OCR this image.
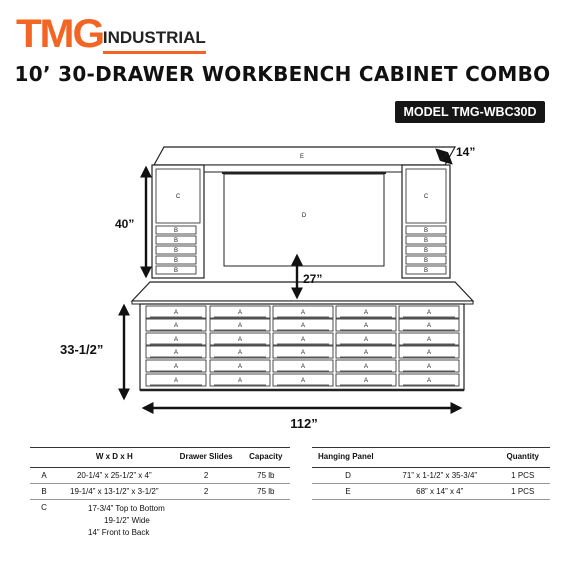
TMG INDUSTRIAL
10’ 30-DRAWER WORKBENCH CABINET COMBO
MODEL TMG-WBC30D
E
C
B
B
B
B
B
C
B
B
B
B
B
D
A
A
A
A
A
A
A
A
A
A
A
A
A
A
A
A
A
A
A
A
A
A
A
A
A
A
A
A
A
A
14”
40”
27”
33-1/2”
112”
	W x D x H	Drawer Slides	Capacity
A	20-1/4” x 25-1/2” x 4”	2	75 lb
B	19-1/4” x 13-1/2” x 3-1/2”	2	75 lb
C	17-3/4” Top to Bottom
19-1/2” Wide
14” Front to Back		
Hanging Panel		Quantity
D	71” x 1-1/2” x 35-3/4”	1 PCS
E	68” x 14” x 4”	1 PCS
